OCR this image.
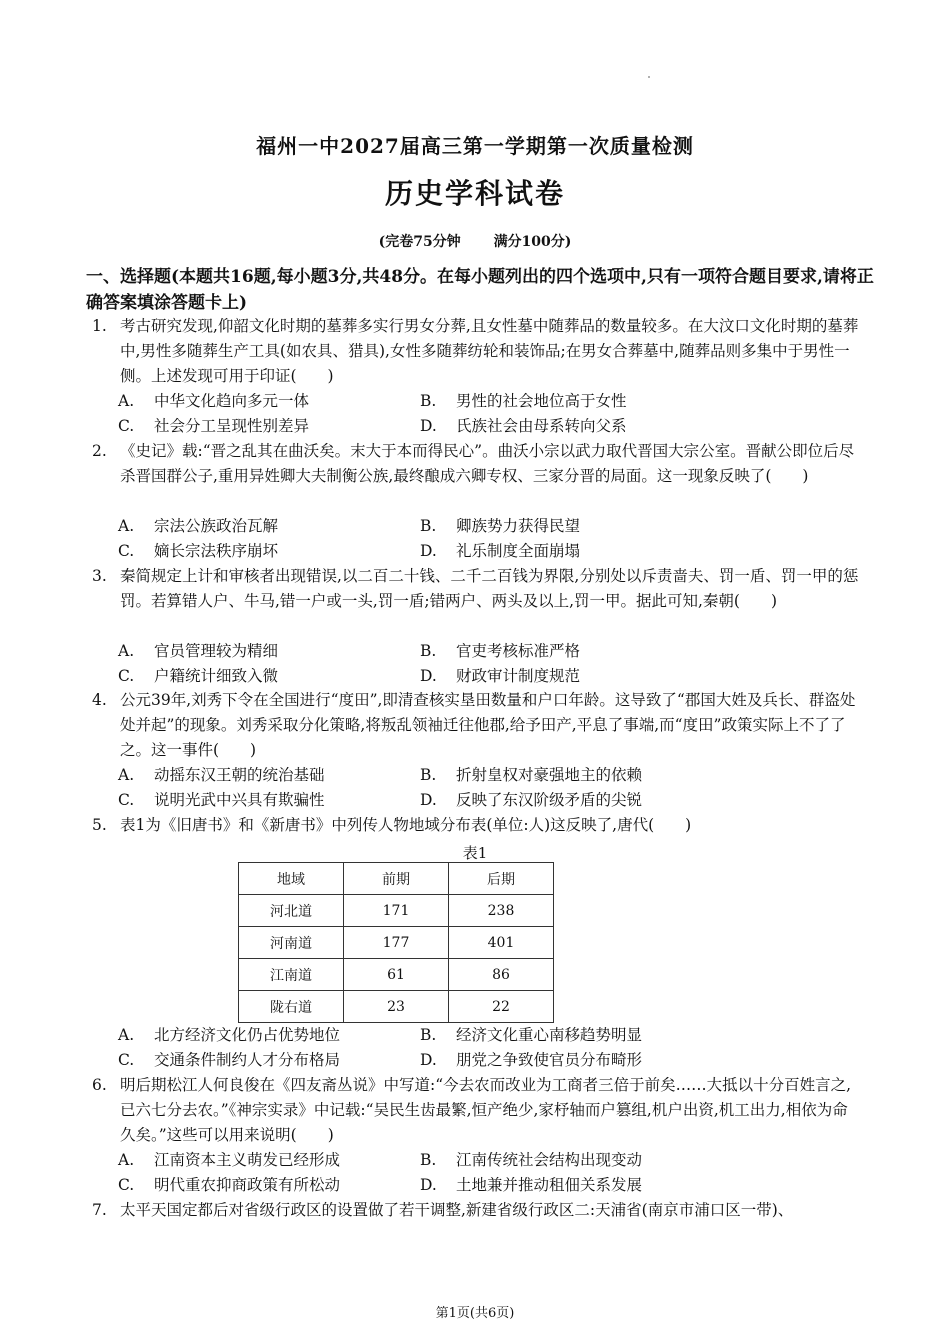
福州一中2027届高三第一学期第一次质量检测
历史学科试卷
(完卷75分钟 满分100分)
一、选择题(本题共16题,每小题3分,共48分。在每小题列出的四个选项中,只有一项符合题目要求,请将正确答案填涂答题卡上)
1. 考古研究发现,仰韶文化时期的墓葬多实行男女分葬,且女性墓中随葬品的数量较多。在大汶口文化时期的墓葬中,男性多随葬生产工具(如农具、猎具),女性多随葬纺轮和装饰品;在男女合葬墓中,随葬品则多集中于男性一侧。上述发现可用于印证(　　)
A. 中华文化趋向多元一体	B. 男性的社会地位高于女性
C. 社会分工呈现性别差异	D. 氏族社会由母系转向父系
2. 《史记》载:“晋之乱其在曲沃矣。末大于本而得民心”。曲沃小宗以武力取代晋国大宗公室。晋献公即位后尽杀晋国群公子,重用异姓卿大夫制衡公族,最终酿成六卿专权、三家分晋的局面。这一现象反映了(　　)
A. 宗法公族政治瓦解	B. 卿族势力获得民望
C. 嫡长宗法秩序崩坏	D. 礼乐制度全面崩塌
3. 秦简规定上计和审核者出现错误,以二百二十钱、二千二百钱为界限,分别处以斥责啬夫、罚一盾、罚一甲的惩罚。若算错人户、牛马,错一户或一头,罚一盾;错两户、两头及以上,罚一甲。据此可知,秦朝(　　)
A. 官员管理较为精细	B. 官吏考核标准严格
C. 户籍统计细致入微	D. 财政审计制度规范
4. 公元39年,刘秀下令在全国进行“度田”,即清查核实垦田数量和户口年龄。这导致了“郡国大姓及兵长、群盗处处并起”的现象。刘秀采取分化策略,将叛乱领袖迁往他郡,给予田产,平息了事端,而“度田”政策实际上不了了之。这一事件(　　)
A. 动摇东汉王朝的统治基础	B. 折射皇权对豪强地主的依赖
C. 说明光武中兴具有欺骗性	D. 反映了东汉阶级矛盾的尖锐
5. 表1为《旧唐书》和《新唐书》中列传人物地域分布表(单位:人)这反映了,唐代(　　)
表1
地域	前期	后期
河北道	171	238
河南道	177	401
江南道	61	86
陇右道	23	22
A. 北方经济文化仍占优势地位	B. 经济文化重心南移趋势明显
C. 交通条件制约人才分布格局	D. 朋党之争致使官员分布畸形
6. 明后期松江人何良俊在《四友斋丛说》中写道:“今去农而改业为工商者三倍于前矣……大抵以十分百姓言之,已六七分去农。”《神宗实录》中记载:“吴民生齿最繁,恒产绝少,家杼轴而户篡组,机户出资,机工出力,相依为命久矣。”这些可以用来说明(　　)
A. 江南资本主义萌发已经形成	B. 江南传统社会结构出现变动
C. 明代重农抑商政策有所松动	D. 土地兼并推动租佃关系发展
7. 太平天国定都后对省级行政区的设置做了若干调整,新建省级行政区二:天浦省(南京市浦口区一带)、
第1页(共6页)
